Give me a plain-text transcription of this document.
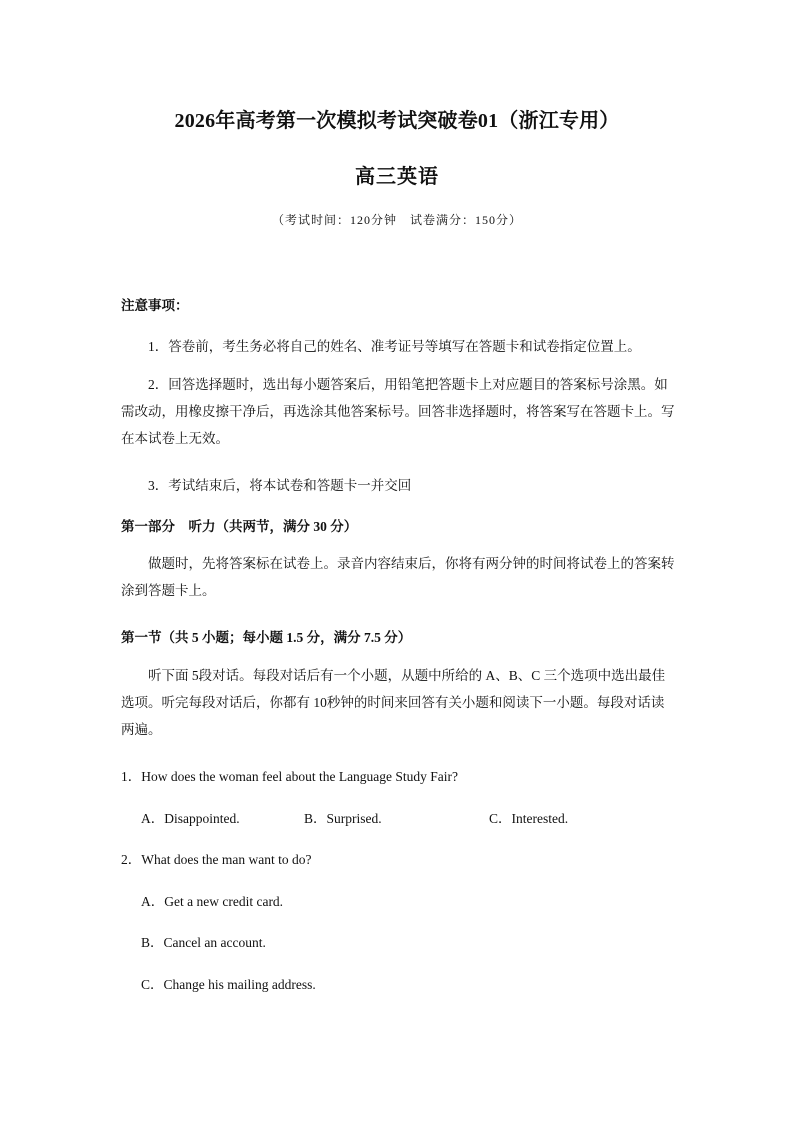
2026年高考第一次模拟考试突破卷01（浙江专用）
高三英语
（考试时间：120分钟　试卷满分：150分）
注意事项：
1．答卷前，考生务必将自己的姓名、准考证号等填写在答题卡和试卷指定位置上。
2．回答选择题时，选出每小题答案后，用铅笔把答题卡上对应题目的答案标号涂黑。如需改动，用橡皮擦干净后，再选涂其他答案标号。回答非选择题时，将答案写在答题卡上。写在本试卷上无效。
3．考试结束后，将本试卷和答题卡一并交回
第一部分　听力（共两节，满分 30 分）
做题时，先将答案标在试卷上。录音内容结束后，你将有两分钟的时间将试卷上的答案转涂到答题卡上。
第一节（共 5 小题；每小题 1.5 分，满分 7.5 分）
听下面 5段对话。每段对话后有一个小题，从题中所给的 A、B、C 三个选项中选出最佳选项。听完每段对话后，你都有 10秒钟的时间来回答有关小题和阅读下一小题。每段对话读两遍。
1．How does the woman feel about the Language Study Fair?
A．Disappointed.	B．Surprised.	C．Interested.
2．What does the man want to do?
A．Get a new credit card.
B．Cancel an account.
C．Change his mailing address.
